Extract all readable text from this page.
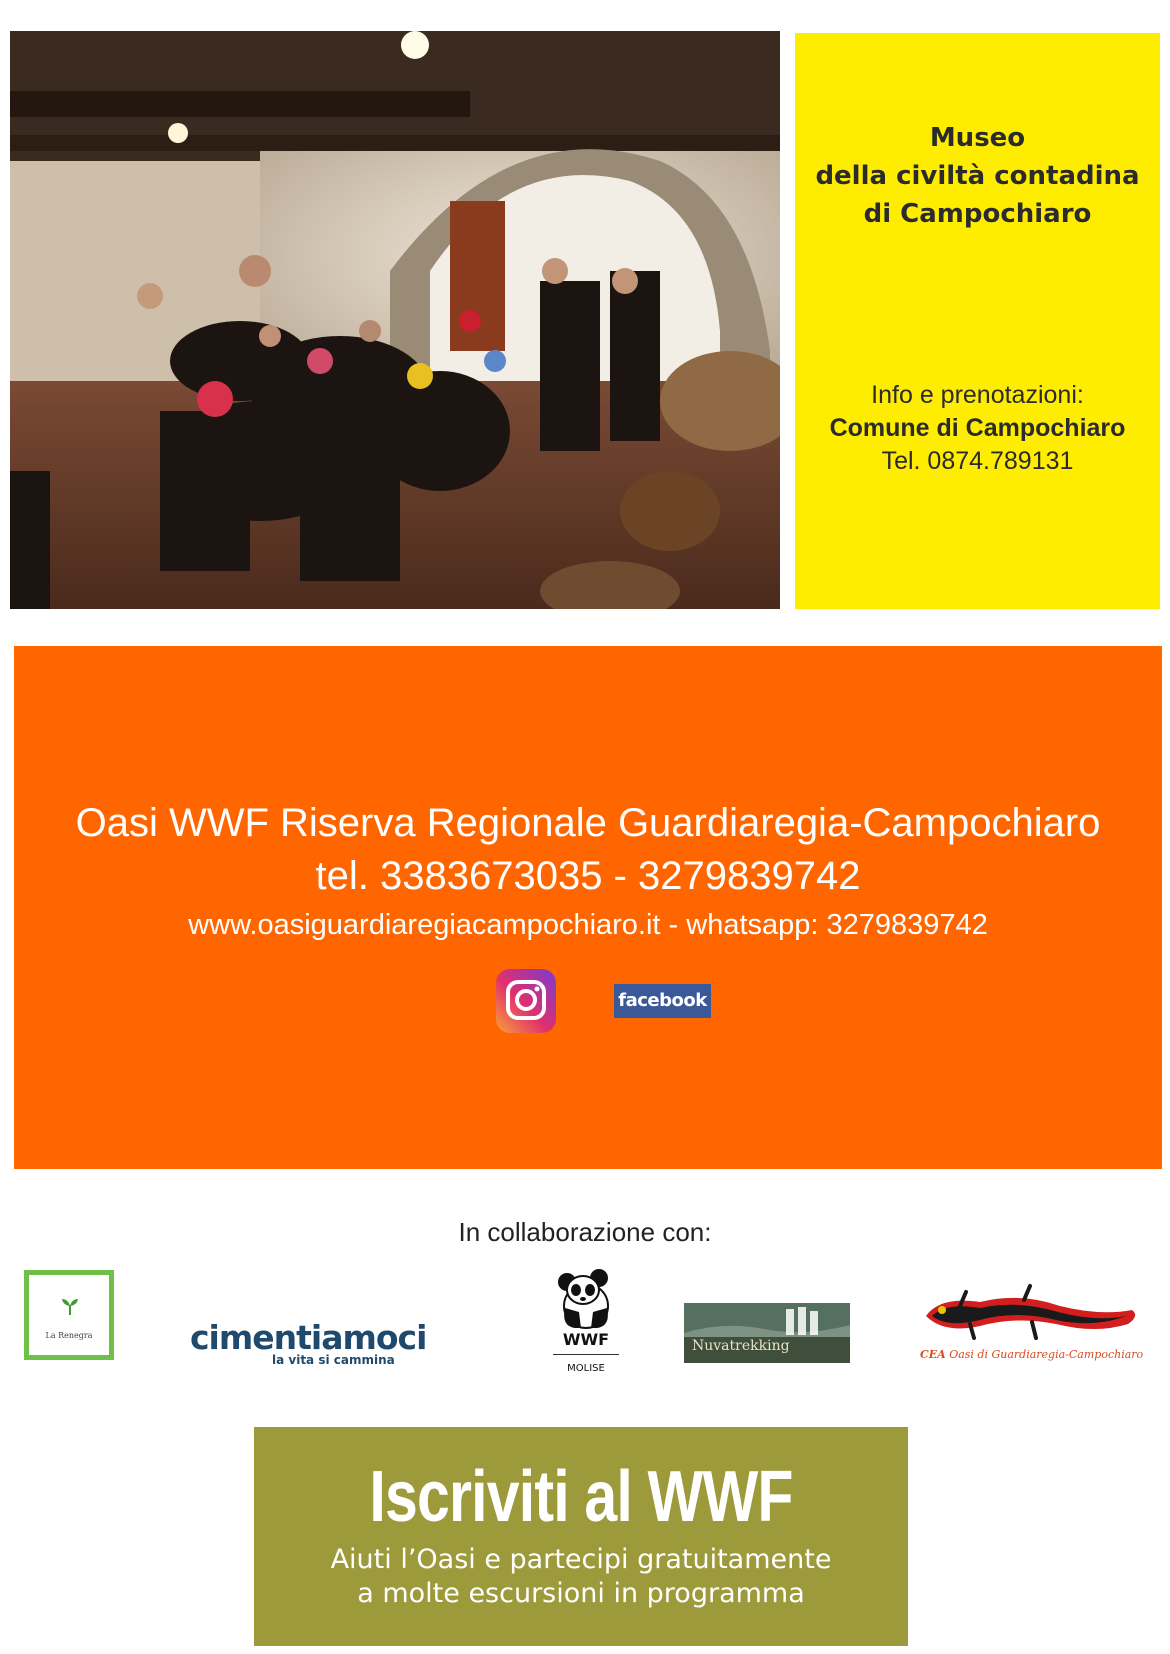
Museo
della civiltà contadina
di Campochiaro
Info e prenotazioni:
Comune di Campochiaro
Tel. 0874.789131
Oasi WWF Riserva Regionale Guardiaregia-Campochiaro
tel. 3383673035 - 3279839742
www.oasiguardiaregiacampochiaro.it - whatsapp: 3279839742
facebook
In collaborazione con:
La Renegra	cimentiamoci
la vita si cammina
WWF
MOLISE
Nuvatrekking
CEA Oasi di Guardiaregia-Campochiaro
Iscriviti al WWF
Aiuti l’Oasi e partecipi gratuitamente
a molte escursioni in programma
